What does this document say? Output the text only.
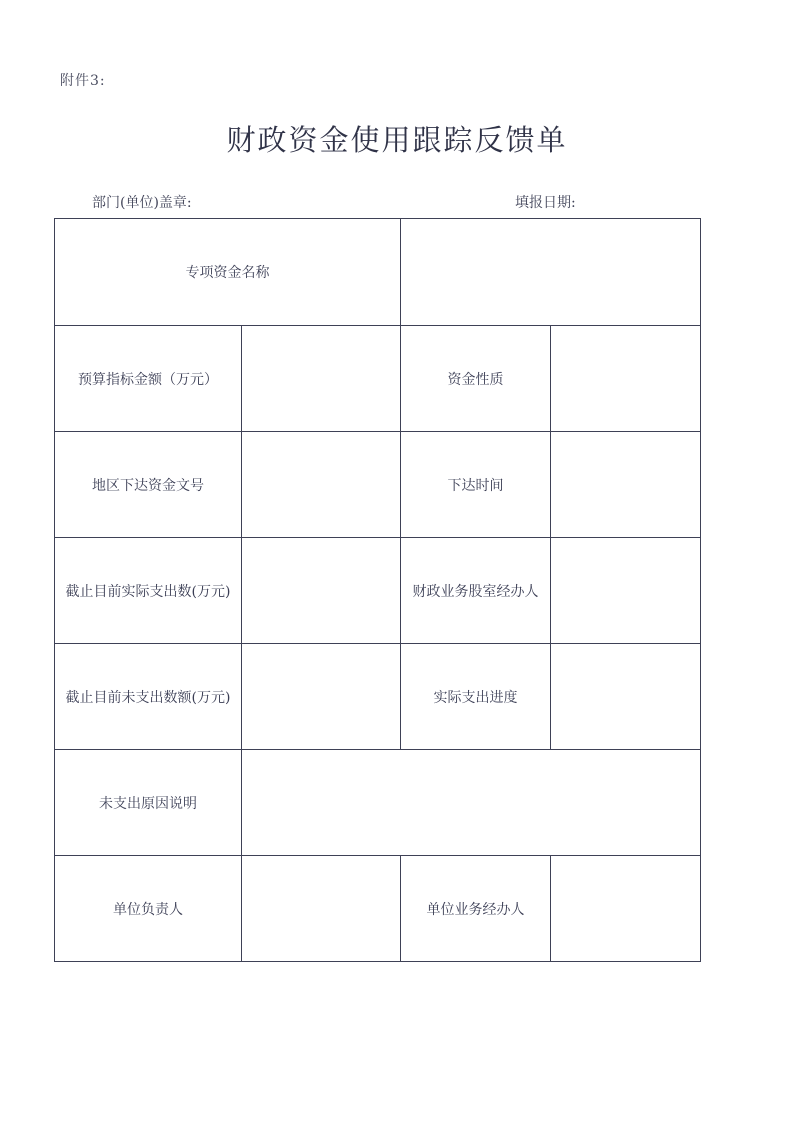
附件3:
财政资金使用跟踪反馈单
部门(单位)盖章:	填报日期:
专项资金名称			
预算指标金额（万元）		资金性质	
地区下达资金文号		下达时间	
截止目前实际支出数(万元)		财政业务股室经办人	
截止目前未支出数额(万元)		实际支出进度	
未支出原因说明			
单位负责人		单位业务经办人	
